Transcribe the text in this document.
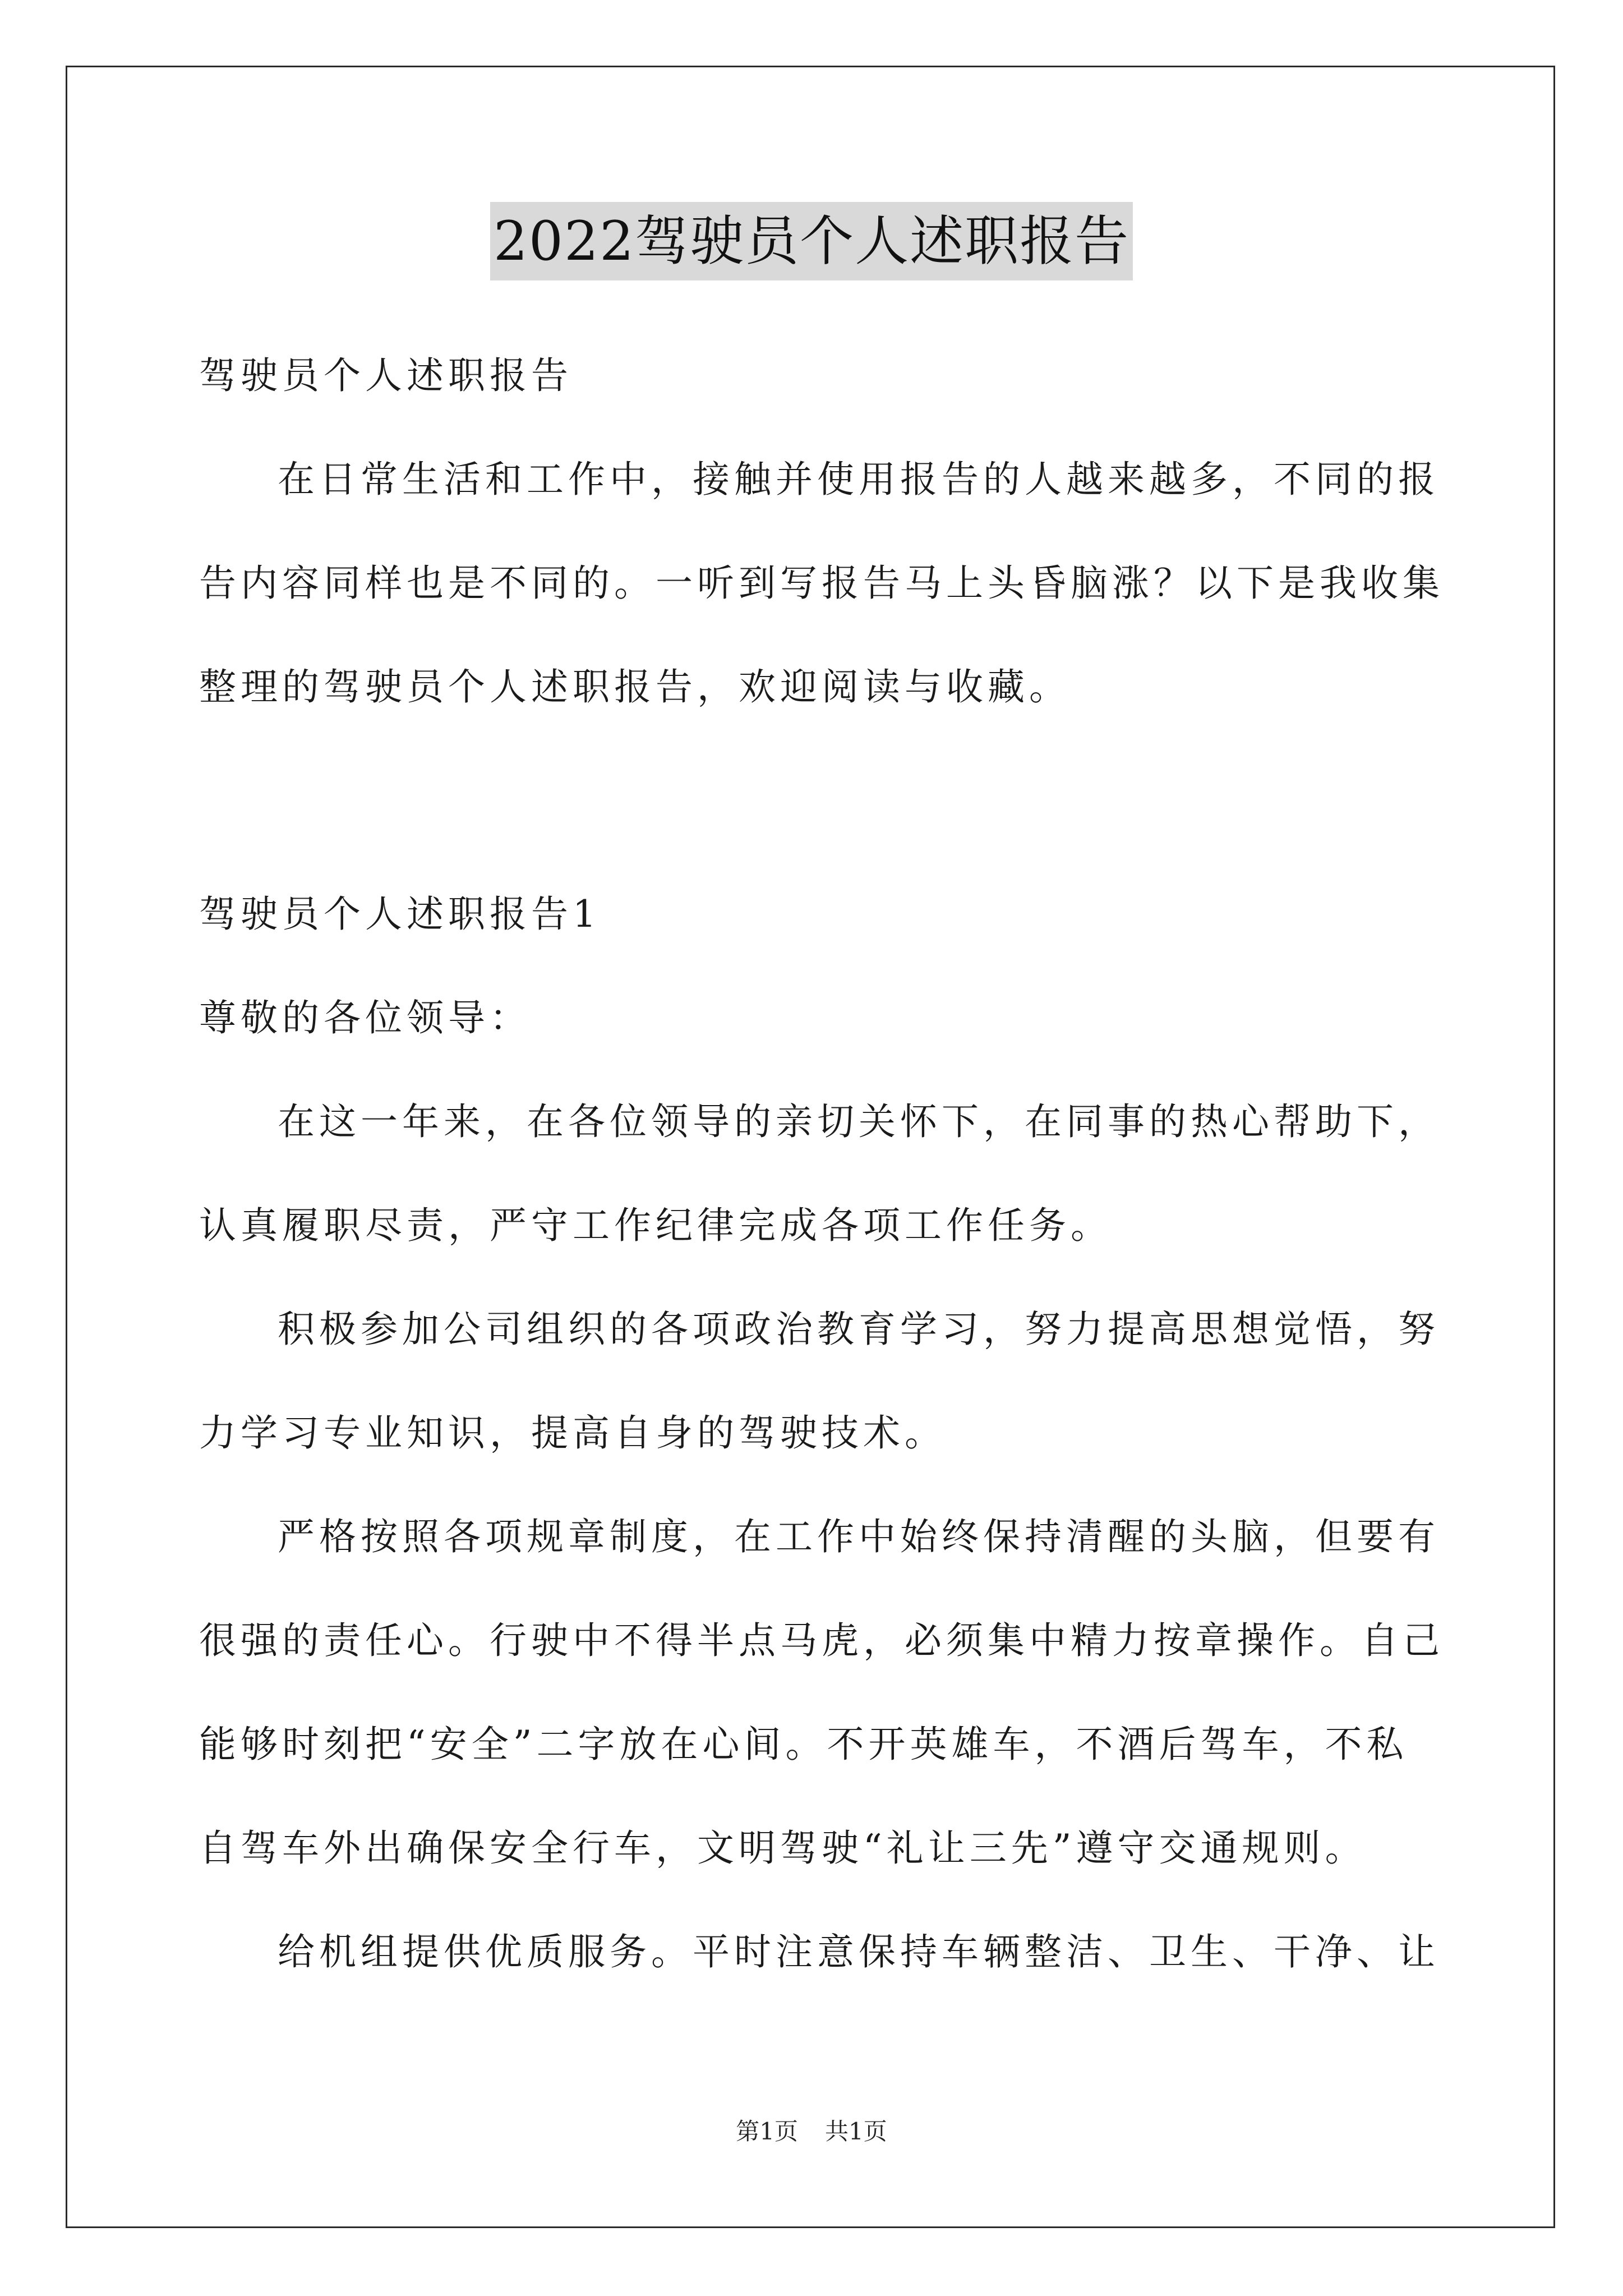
2022驾驶员个人述职报告
驾驶员个人述职报告
在日常生活和工作中，接触并使用报告的人越来越多，不同的报
告内容同样也是不同的。一听到写报告马上头昏脑涨？以下是我收集
整理的驾驶员个人述职报告，欢迎阅读与收藏。
驾驶员个人述职报告1
尊敬的各位领导：
在这一年来，在各位领导的亲切关怀下，在同事的热心帮助下，
认真履职尽责，严守工作纪律完成各项工作任务。
积极参加公司组织的各项政治教育学习，努力提高思想觉悟，努
力学习专业知识，提高自身的驾驶技术。
严格按照各项规章制度，在工作中始终保持清醒的头脑，但要有
很强的责任心。行驶中不得半点马虎，必须集中精力按章操作。自己
能够时刻把“安全”二字放在心间。不开英雄车，不酒后驾车，不私
自驾车外出确保安全行车，文明驾驶“礼让三先”遵守交通规则。
给机组提供优质服务。平时注意保持车辆整洁、卫生、干净、让
第1页 共1页
